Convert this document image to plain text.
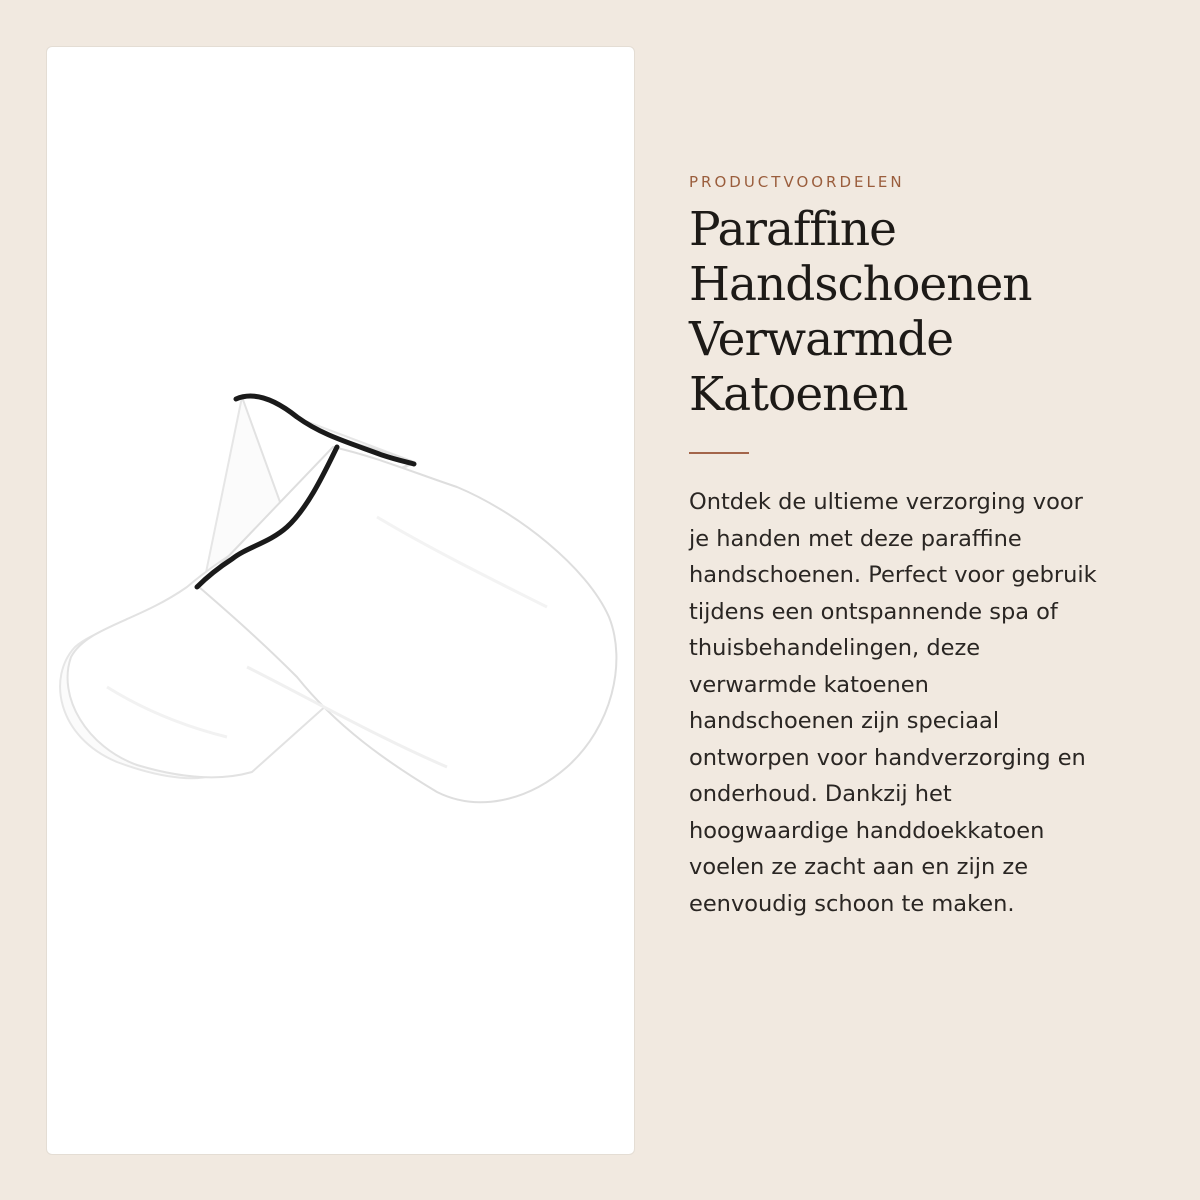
PRODUCTVOORDELEN

Paraffine
Handschoenen
Verwarmde
Katoenen

Ontdek de ultieme verzorging voor
je handen met deze paraffine
handschoenen. Perfect voor gebruik
tijdens een ontspannende spa of
thuisbehandelingen, deze
verwarmde katoenen
handschoenen zijn speciaal
ontworpen voor handverzorging en
onderhoud. Dankzij het
hoogwaardige handdoekkatoen
voelen ze zacht aan en zijn ze
eenvoudig schoon te maken.
